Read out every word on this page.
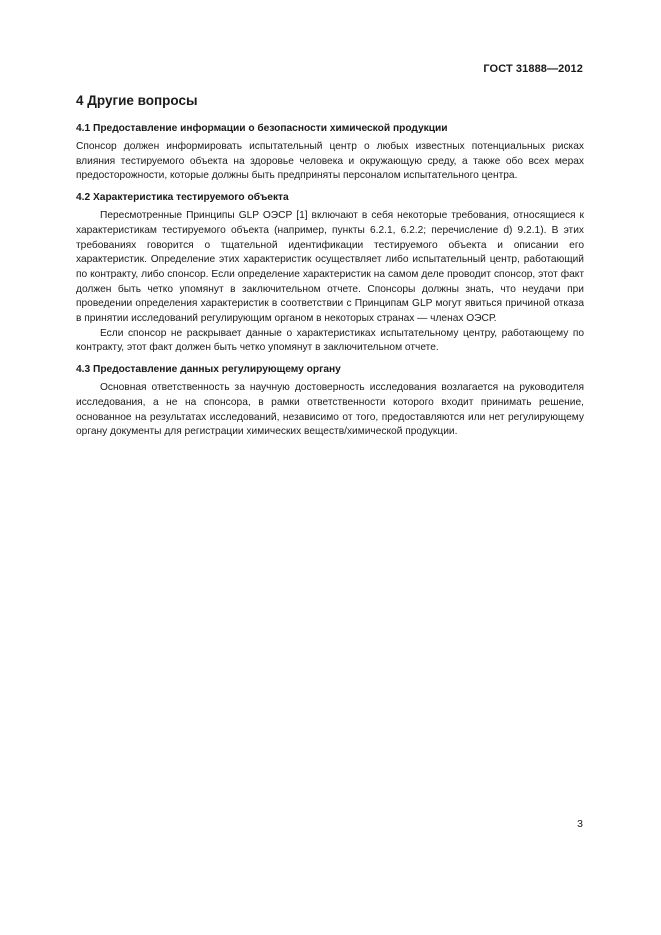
ГОСТ 31888—2012
4 Другие вопросы
4.1 Предоставление информации о безопасности химической продукции

Спонсор должен информировать испытательный центр о любых известных потенциальных рисках влияния тестируемого объекта на здоровье человека и окружающую среду, а также обо всех мерах предосторожности, которые должны быть предприняты персоналом испытательного центра.

4.2 Характеристика тестируемого объекта

Пересмотренные Принципы GLP ОЭСР [1] включают в себя некоторые требования, относящиеся к характеристикам тестируемого объекта (например, пункты 6.2.1, 6.2.2; перечисление d) 9.2.1). В этих требованиях говорится о тщательной идентификации тестируемого объекта и описании его характеристик. Определение этих характеристик осуществляет либо испытательный центр, работающий по контракту, либо спонсор. Если определение характеристик на самом деле проводит спонсор, этот факт должен быть четко упомянут в заключительном отчете. Спонсоры должны знать, что неудачи при проведении определения характеристик в соответствии с Принципам GLP могут явиться причиной отказа в принятии исследований регулирующим органом в некоторых странах — членах ОЭСР.

Если спонсор не раскрывает данные о характеристиках испытательному центру, работающему по контракту, этот факт должен быть четко упомянут в заключительном отчете.

4.3 Предоставление данных регулирующему органу

Основная ответственность за научную достоверность исследования возлагается на руководителя исследования, а не на спонсора, в рамки ответственности которого входит принимать решение, основанное на результатах исследований, независимо от того, предоставляются или нет регулирующему органу документы для регистрации химических веществ/химической продукции.

3
